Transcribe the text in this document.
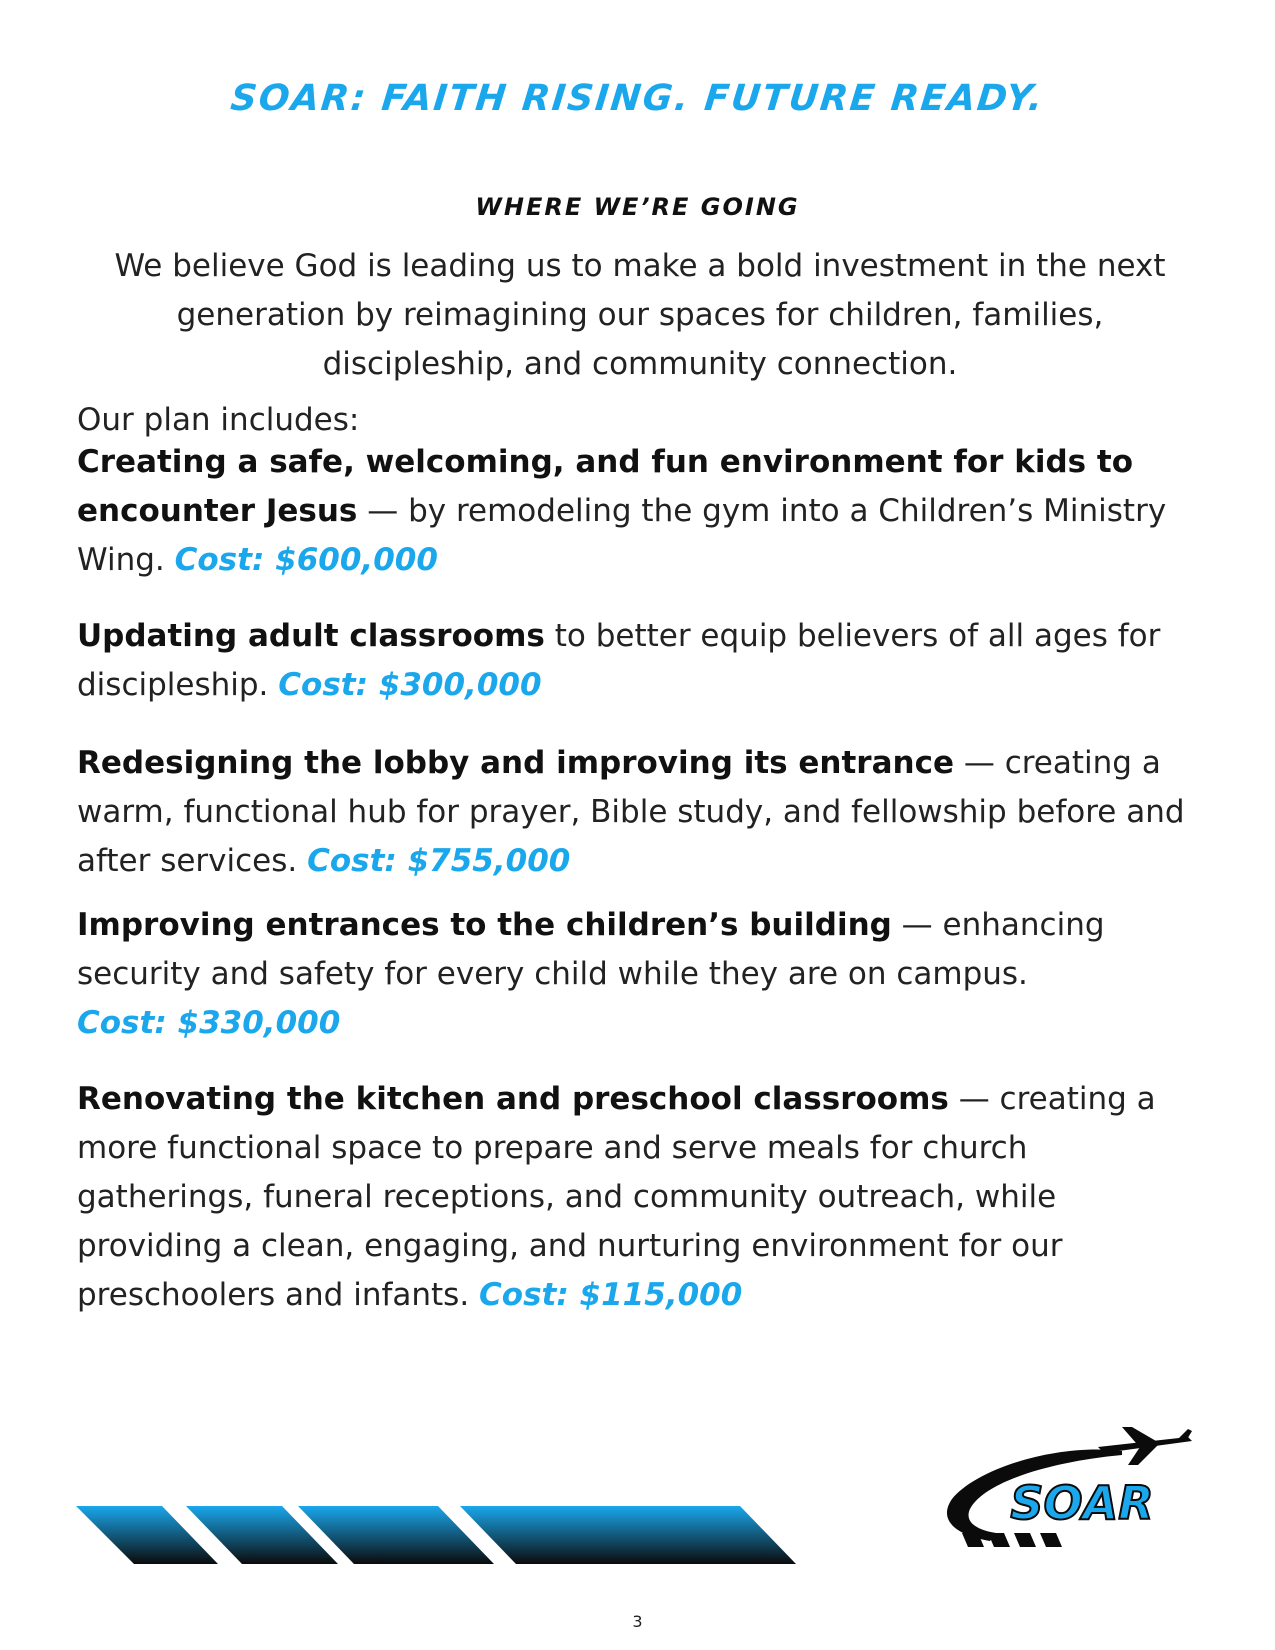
SOAR: FAITH RISING. FUTURE READY.
WHERE WE’RE GOING

We believe God is leading us to make a bold investment in the next generation by reimagining our spaces for children, families, discipleship, and community connection.

Our plan includes:

Creating a safe, welcoming, and fun environment for kids to encounter Jesus — by remodeling the gym into a Children’s Ministry Wing. Cost: $600,000

Updating adult classrooms to better equip believers of all ages for discipleship. Cost: $300,000

Redesigning the lobby and improving its entrance — creating a warm, functional hub for prayer, Bible study, and fellowship before and after services. Cost: $755,000

Improving entrances to the children’s building — enhancing security and safety for every child while they are on campus.
Cost: $330,000

Renovating the kitchen and preschool classrooms — creating a more functional space to prepare and serve meals for church gatherings, funeral receptions, and community outreach, while providing a clean, engaging, and nurturing environment for our preschoolers and infants. Cost: $115,000

SOAR
3
